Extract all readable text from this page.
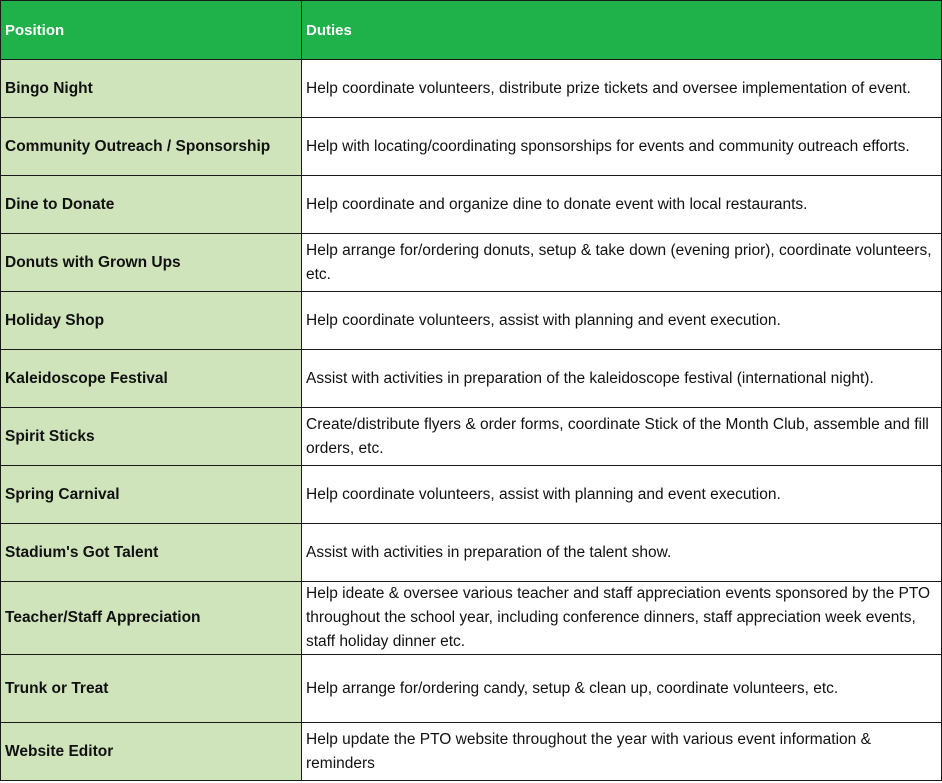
Position	Duties
Bingo Night	Help coordinate volunteers, distribute prize tickets and oversee implementation of event.
Community Outreach / Sponsorship	Help with locating/coordinating sponsorships for events and community outreach efforts.
Dine to Donate	Help coordinate and organize dine to donate event with local restaurants.
Donuts with Grown Ups	Help arrange for/ordering donuts, setup & take down (evening prior), coordinate volunteers, etc.
Holiday Shop	Help coordinate volunteers, assist with planning and event execution.
Kaleidoscope Festival	Assist with activities in preparation of the kaleidoscope festival (international night).
Spirit Sticks	Create/distribute flyers & order forms, coordinate Stick of the Month Club, assemble and fill orders, etc.
Spring Carnival	Help coordinate volunteers, assist with planning and event execution.
Stadium's Got Talent	Assist with activities in preparation of the talent show.
Teacher/Staff Appreciation	Help ideate & oversee various teacher and staff appreciation events sponsored by the PTO throughout the school year, including conference dinners, staff appreciation week events, staff holiday dinner etc.
Trunk or Treat	Help arrange for/ordering candy, setup & clean up, coordinate volunteers, etc.
Website Editor	Help update the PTO website throughout the year with various event information & reminders
